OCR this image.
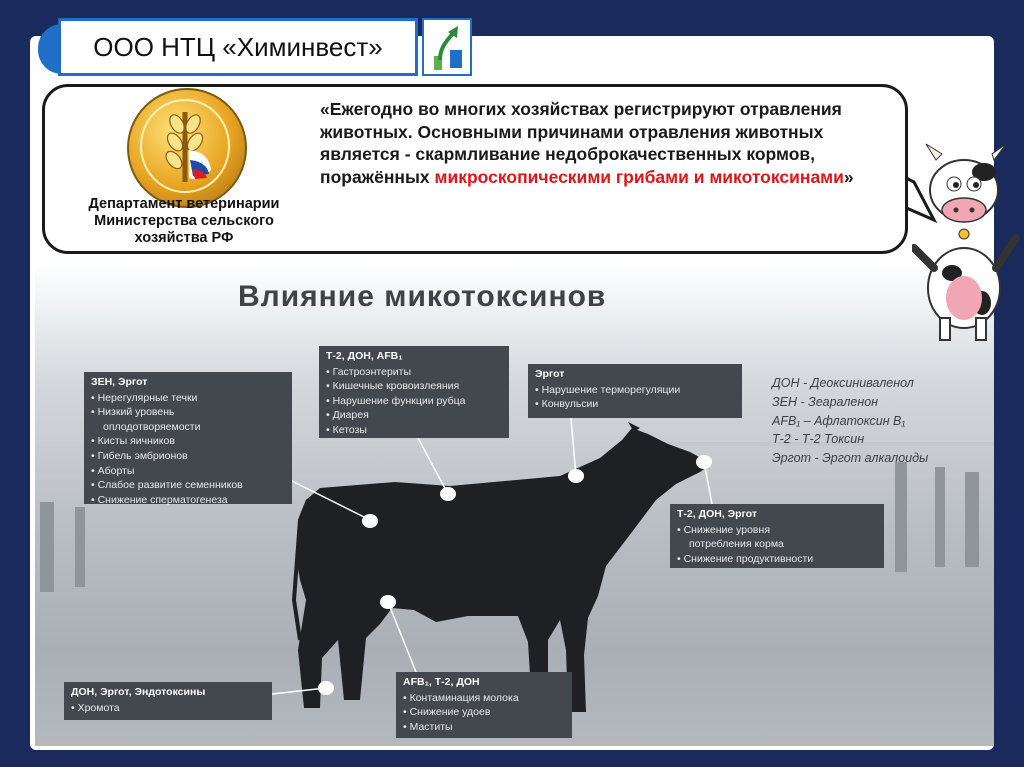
ООО НТЦ «Химинвест»
Департамент ветеринарии Министерства сельского хозяйства РФ
«Ежегодно во многих хозяйствах регистрируют отравления животных. Основными причинами отравления животных является - скармливание недоброкачественных кормов, поражённых микроскопическими грибами и микотоксинами»
Влияние микотоксинов
ЗЕН, Эргот
• Нерегулярные течки
• Низкий уровень
оплодотворяемости
• Кисты яичников
• Гибель эмбрионов
• Аборты
• Слабое развитие семенников
• Снижение сперматогенеза
Т-2, ДОН, AFB₁
• Гастроэнтериты
• Кишечные кровоизлеяния
• Нарушение функции рубца
• Диарея
• Кетозы
Эргот
• Нарушение терморегуляции
• Конвульсии
Т-2, ДОН, Эргот
• Снижение уровня
потребления корма
• Снижение продуктивности
ДОН, Эргот, Эндотоксины
• Хромота
AFB₁, Т-2, ДОН
• Контаминация молока
• Снижение удоев
• Маститы
ДОН - Деоксиниваленол
ЗЕН - Зеараленон
AFB₁ – Афлатоксин B₁
Т-2 - Т-2 Токсин
Эргот - Эргот алкалоиды
